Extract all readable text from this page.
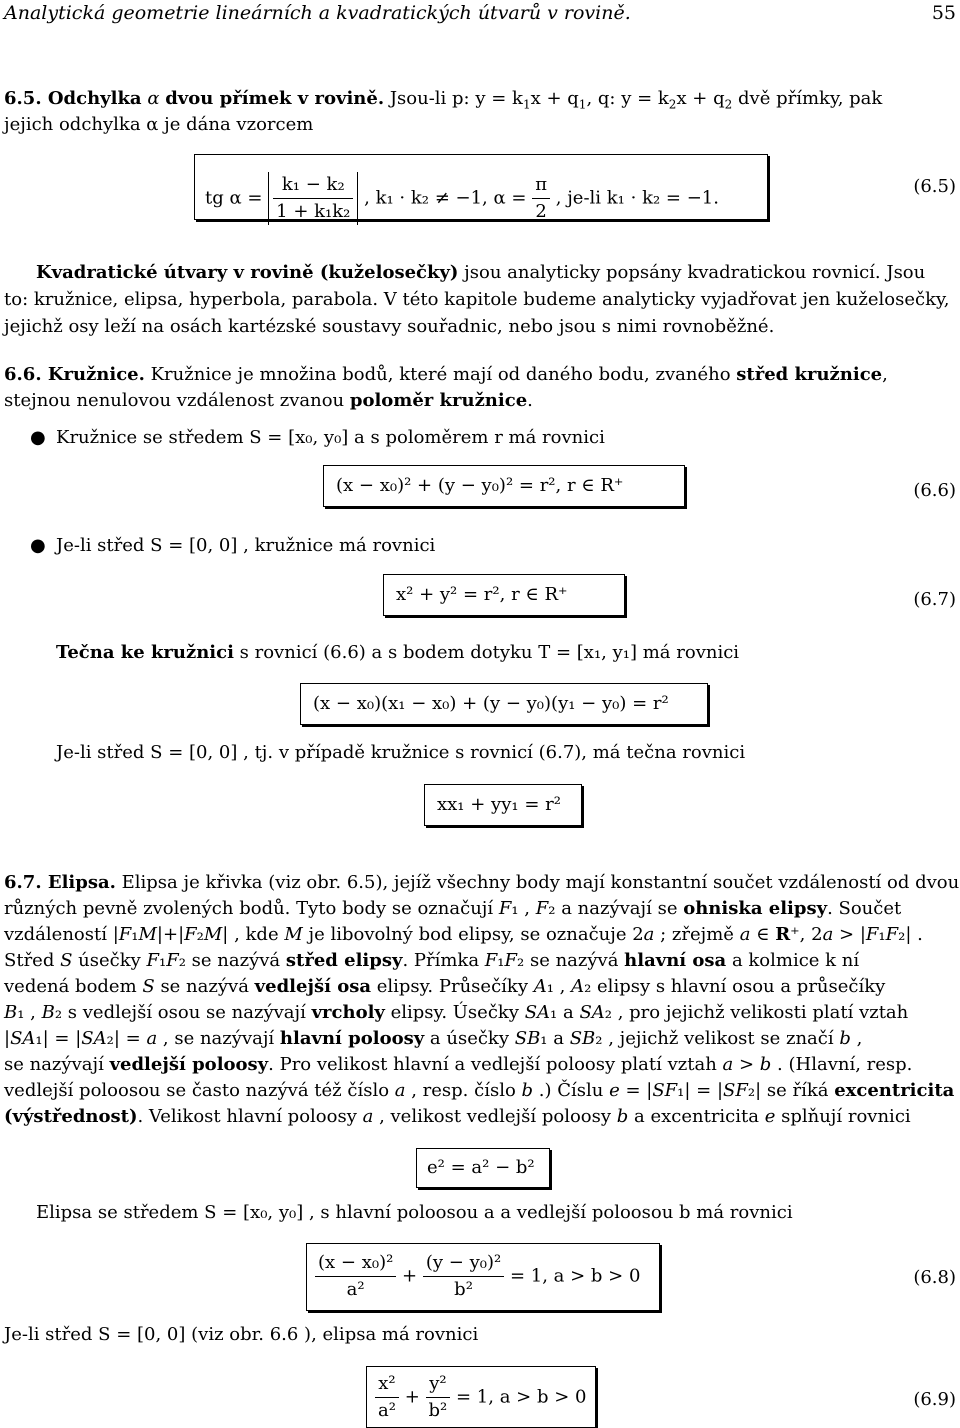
Analytická geometrie lineárních a kvadratických útvarů v rovině.	55
6.5. Odchylka α dvou přímek v rovině. Jsou-li p: $y = k_1x + q_1$, q: $y = k_2x + q_2$ dvě přímky, pak
jejich odchylka α je dána vzorcem
tg $\alpha = \frac{\text{k₁ − k₂}}{\text{1 + k₁k₂}}$ , k₁ · k₂ ≠ −1, $\alpha = \frac{\pi}{2}$ , je-li k₁ · k₂ = −1.
(6.5)
Kvadratické útvary v rovině (kuželosečky) jsou analyticky popsány kvadratickou rovnicí. Jsou
to: kružnice, elipsa, hyperbola, parabola. V této kapitole budeme analyticky vyjadřovat jen kuželosečky,
jejichž osy leží na osách kartézské soustavy souřadnic, nebo jsou s nimi rovnoběžné.
6.6. Kružnice. Kružnice je množina bodů, které mají od daného bodu, zvaného střed kružnice,
stejnou nenulovou vzdálenost zvanou poloměr kružnice.
● Kružnice se středem S = [x₀, y₀] a s poloměrem r má rovnici
(x − x₀)² + (y − y₀)² = r², r ∈ R⁺	(6.6)
● Je-li střed S = [0, 0] , kružnice má rovnici
x² + y² = r², r ∈ R⁺	(6.7)
Tečna ke kružnici s rovnicí (6.6) a s bodem dotyku T = [x₁, y₁] má rovnici
(x − x₀)(x₁ − x₀) + (y − y₀)(y₁ − y₀) = r²
Je-li střed S = [0, 0] , tj. v případě kružnice s rovnicí (6.7), má tečna rovnici
xx₁ + yy₁ = r²
6.7. Elipsa. Elipsa je křivka (viz obr. 6.5), jejíž všechny body mají konstantní součet vzdáleností od dvou
různých pevně zvolených bodů. Tyto body se označují F₁ , F₂ a nazývají se ohniska elipsy. Součet
vzdáleností |F₁M|+|F₂M| , kde M je libovolný bod elipsy, se označuje 2a ; zřejmě a ∈ R⁺, 2a > |F₁F₂| .
Střed S úsečky F₁F₂ se nazývá střed elipsy. Přímka F₁F₂ se nazývá hlavní osa a kolmice k ní
vedená bodem S se nazývá vedlejší osa elipsy. Průsečíky A₁ , A₂ elipsy s hlavní osou a průsečíky
B₁ , B₂ s vedlejší osou se nazývají vrcholy elipsy. Úsečky SA₁ a SA₂ , pro jejichž velikosti platí vztah
|SA₁| = |SA₂| = a , se nazývají hlavní poloosy a úsečky SB₁ a SB₂ , jejichž velikost se značí b ,
se nazývají vedlejší poloosy. Pro velikost hlavní a vedlejší poloosy platí vztah a > b . (Hlavní, resp.
vedlejší poloosou se často nazývá též číslo a , resp. číslo b .) Číslu e = |SF₁| = |SF₂| se říká excentricita
(výstřednost). Velikost hlavní poloosy a , velikost vedlejší poloosy b a excentricita e splňují rovnici
e² = a² − b²
Elipsa se středem S = [x₀, y₀] , s hlavní poloosou a a vedlejší poloosou b má rovnici
$\frac{\text{(x − x₀)²}}{\text{a²}} + \frac{\text{(y − y₀)²}}{\text{b²}} = 1$, a > b > 0	(6.8)
Je-li střed S = [0, 0] (viz obr. 6.6 ), elipsa má rovnici
$\frac{\text{x²}}{\text{a²}} + \frac{\text{y²}}{\text{b²}} = 1$, a > b > 0	(6.9)
